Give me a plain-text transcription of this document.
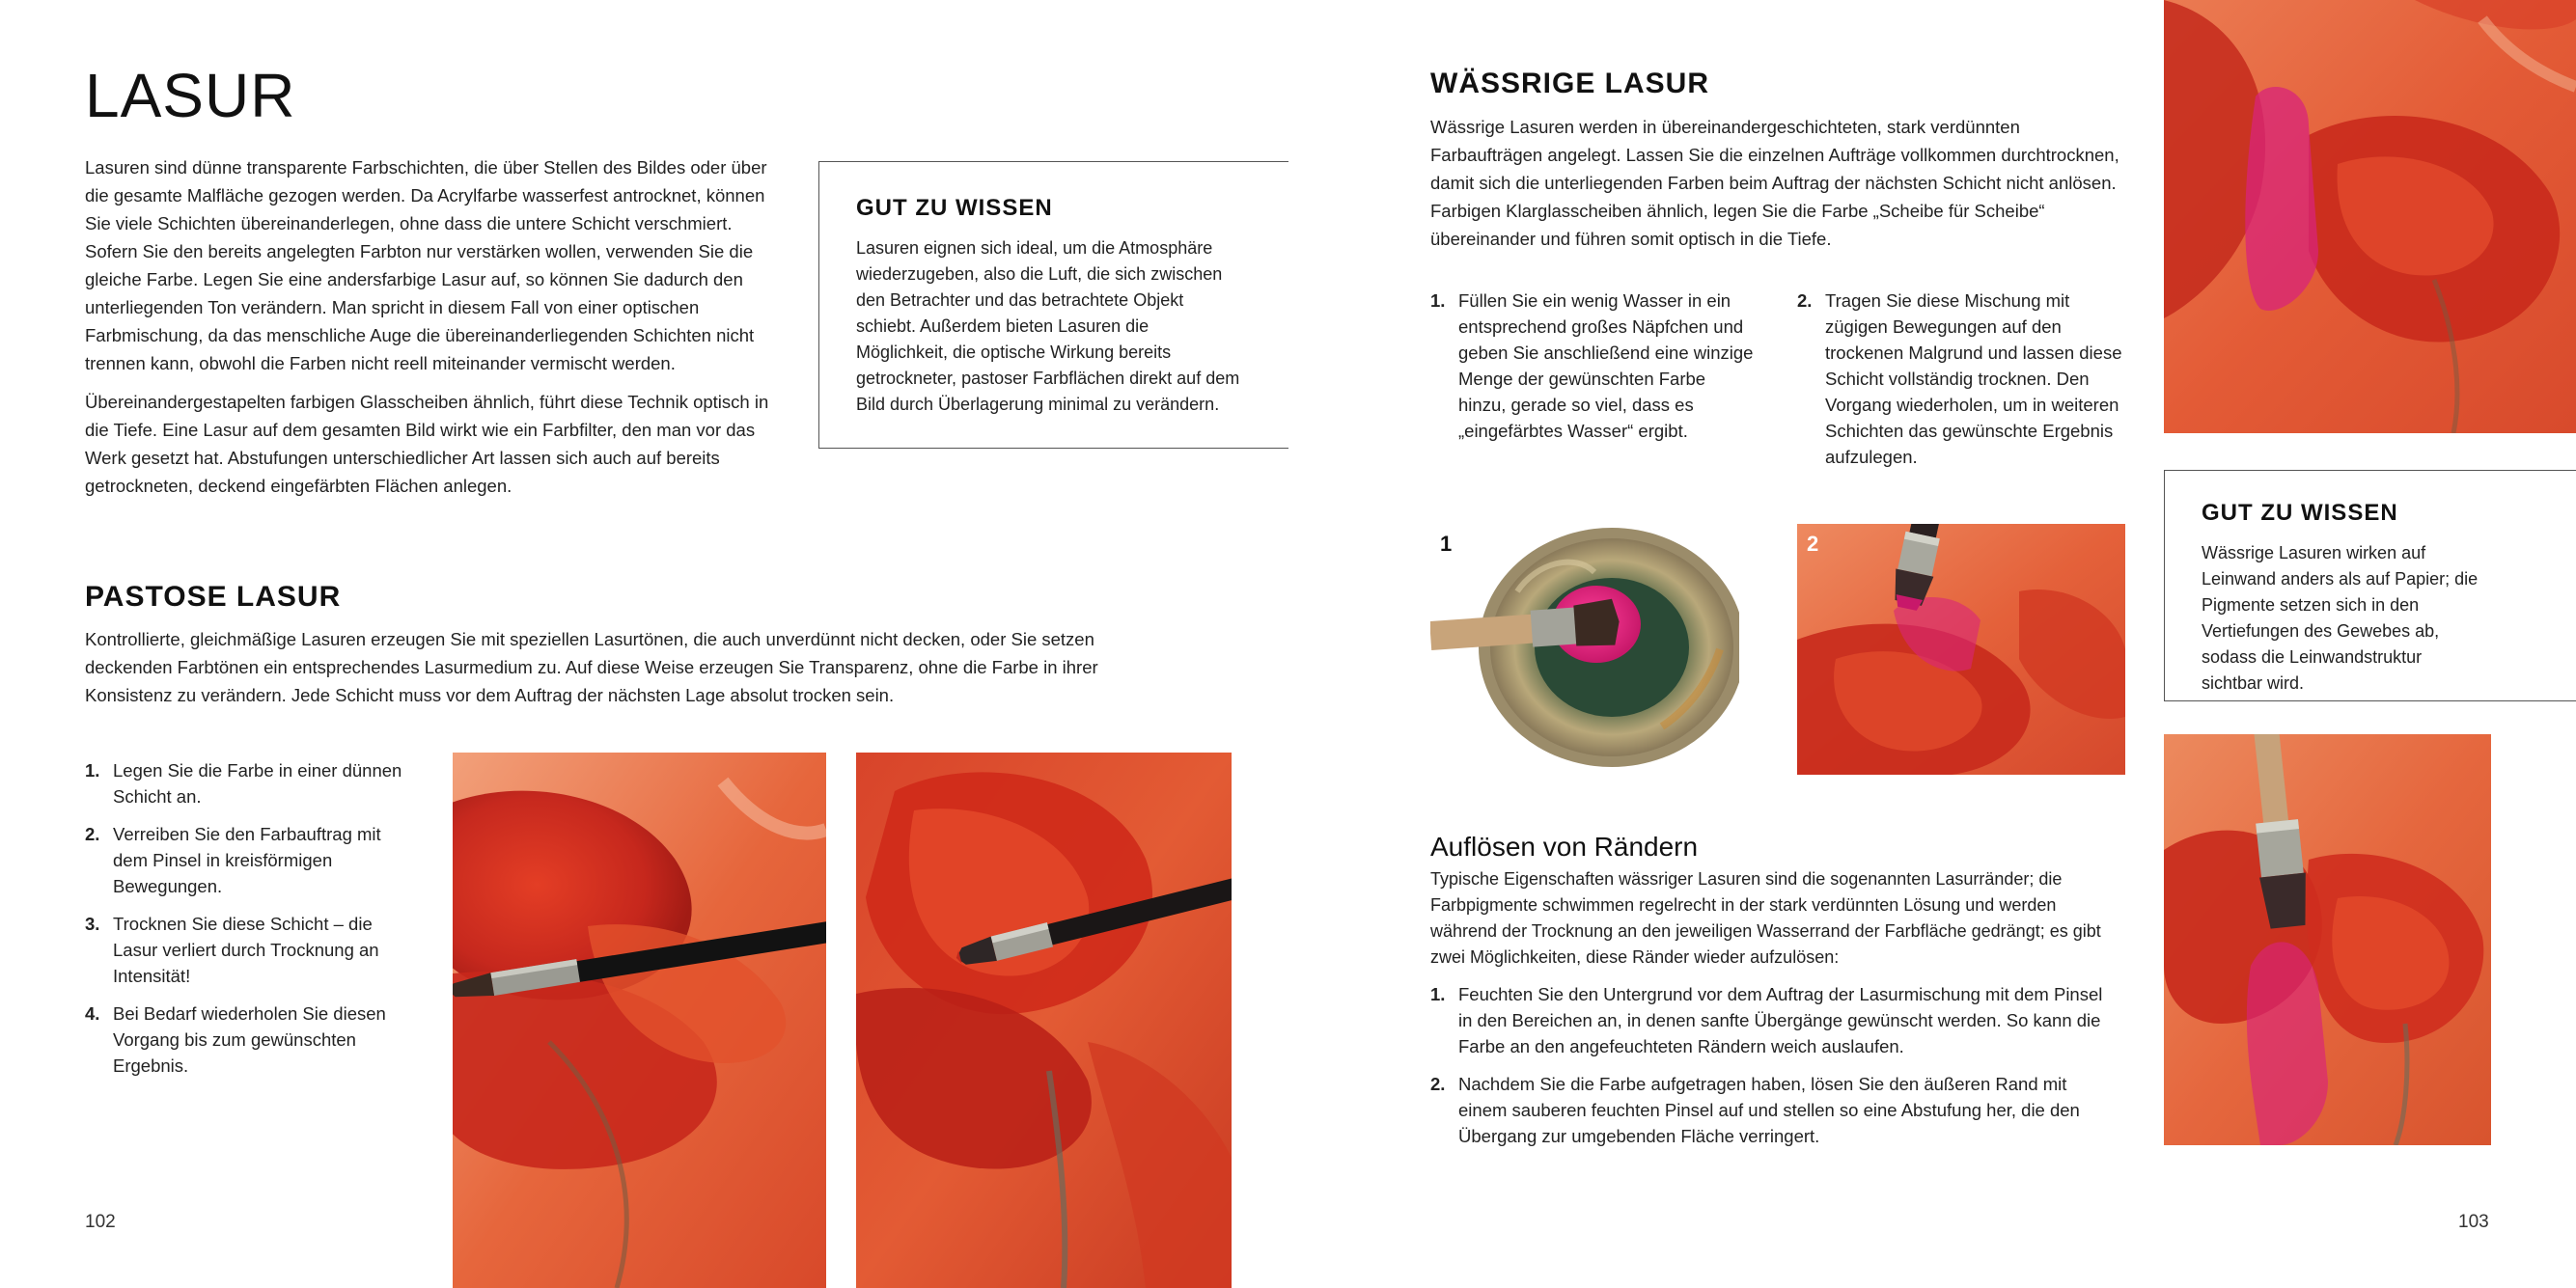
LASUR

Lasuren sind dünne transparente Farbschichten, die über Stellen des Bildes oder über die gesamte Malfläche gezogen werden. Da Acrylfarbe wasserfest antrocknet, können Sie viele Schichten übereinanderlegen, ohne dass die untere Schicht verschmiert. Sofern Sie den bereits angelegten Farbton nur verstärken wollen, verwenden Sie die gleiche Farbe. Legen Sie eine andersfarbige Lasur auf, so können Sie dadurch den unterliegenden Ton verändern. Man spricht in diesem Fall von einer optischen Farbmischung, da das menschliche Auge die übereinanderliegenden Schichten nicht trennen kann, obwohl die Farben nicht reell miteinander vermischt werden.

Übereinandergestapelten farbigen Glasscheiben ähnlich, führt diese Technik optisch in die Tiefe. Eine Lasur auf dem gesamten Bild wirkt wie ein Farbfilter, den man vor das Werk gesetzt hat. Abstufungen unterschiedlicher Art lassen sich auch auf bereits getrockneten, deckend eingefärbten Flächen anlegen.

GUT ZU WISSEN

Lasuren eignen sich ideal, um die Atmosphäre wiederzugeben, also die Luft, die sich zwischen den Betrachter und das betrachtete Objekt schiebt. Außerdem bieten Lasuren die Möglichkeit, die optische Wirkung bereits getrockneter, pastoser Farbflächen direkt auf dem Bild durch Überlagerung minimal zu verändern.

PASTOSE LASUR

Kontrollierte, gleichmäßige Lasuren erzeugen Sie mit speziellen Lasurtönen, die auch unverdünnt nicht decken, oder Sie setzen deckenden Farbtönen ein entsprechendes Lasurmedium zu. Auf diese Weise erzeugen Sie Transparenz, ohne die Farbe in ihrer Konsistenz zu verändern. Jede Schicht muss vor dem Auftrag der nächsten Lage absolut trocken sein.

1. Legen Sie die Farbe in einer dünnen Schicht an.
2. Verreiben Sie den Farbauftrag mit dem Pinsel in kreisförmigen Bewegungen.
3. Trocknen Sie diese Schicht – die Lasur verliert durch Trocknung an Intensität!
4. Bei Bedarf wiederholen Sie diesen Vorgang bis zum gewünschten Ergebnis.
102
WÄSSRIGE LASUR

Wässrige Lasuren werden in übereinandergeschichteten, stark verdünnten Farbaufträgen angelegt. Lassen Sie die einzelnen Aufträge vollkommen durchtrocknen, damit sich die unterliegenden Farben beim Auftrag der nächsten Schicht nicht anlösen. Farbigen Klarglasscheiben ähnlich, legen Sie die Farbe „Scheibe für Scheibe“ übereinander und führen somit optisch in die Tiefe.

1. Füllen Sie ein wenig Wasser in ein entsprechend großes Näpfchen und geben Sie anschließend eine winzige Menge der gewünschten Farbe hinzu, gerade so viel, dass es „eingefärbtes Wasser“ ergibt.
2. Tragen Sie diese Mischung mit zügigen Bewegungen auf den trockenen Malgrund und lassen diese Schicht vollständig trocknen. Den Vorgang wiederholen, um in weiteren Schichten das gewünschte Ergebnis aufzulegen.
GUT ZU WISSEN

Wässrige Lasuren wirken auf Leinwand anders als auf Papier; die Pigmente setzen sich in den Vertiefungen des Gewebes ab, sodass die Leinwandstruktur sichtbar wird.

1	2
Auflösen von Rändern

Typische Eigenschaften wässriger Lasuren sind die sogenannten Lasurränder; die Farbpigmente schwimmen regelrecht in der stark verdünnten Lösung und werden während der Trocknung an den jeweiligen Wasserrand der Farbfläche gedrängt; es gibt zwei Möglichkeiten, diese Ränder wieder aufzulösen:

1. Feuchten Sie den Untergrund vor dem Auftrag der Lasurmischung mit dem Pinsel in den Bereichen an, in denen sanfte Übergänge gewünscht werden. So kann die Farbe an den angefeuchteten Rändern weich auslaufen.
2. Nachdem Sie die Farbe aufgetragen haben, lösen Sie den äußeren Rand mit einem sauberen feuchten Pinsel auf und stellen so eine Abstufung her, die den Übergang zur umgebenden Fläche verringert.
103
